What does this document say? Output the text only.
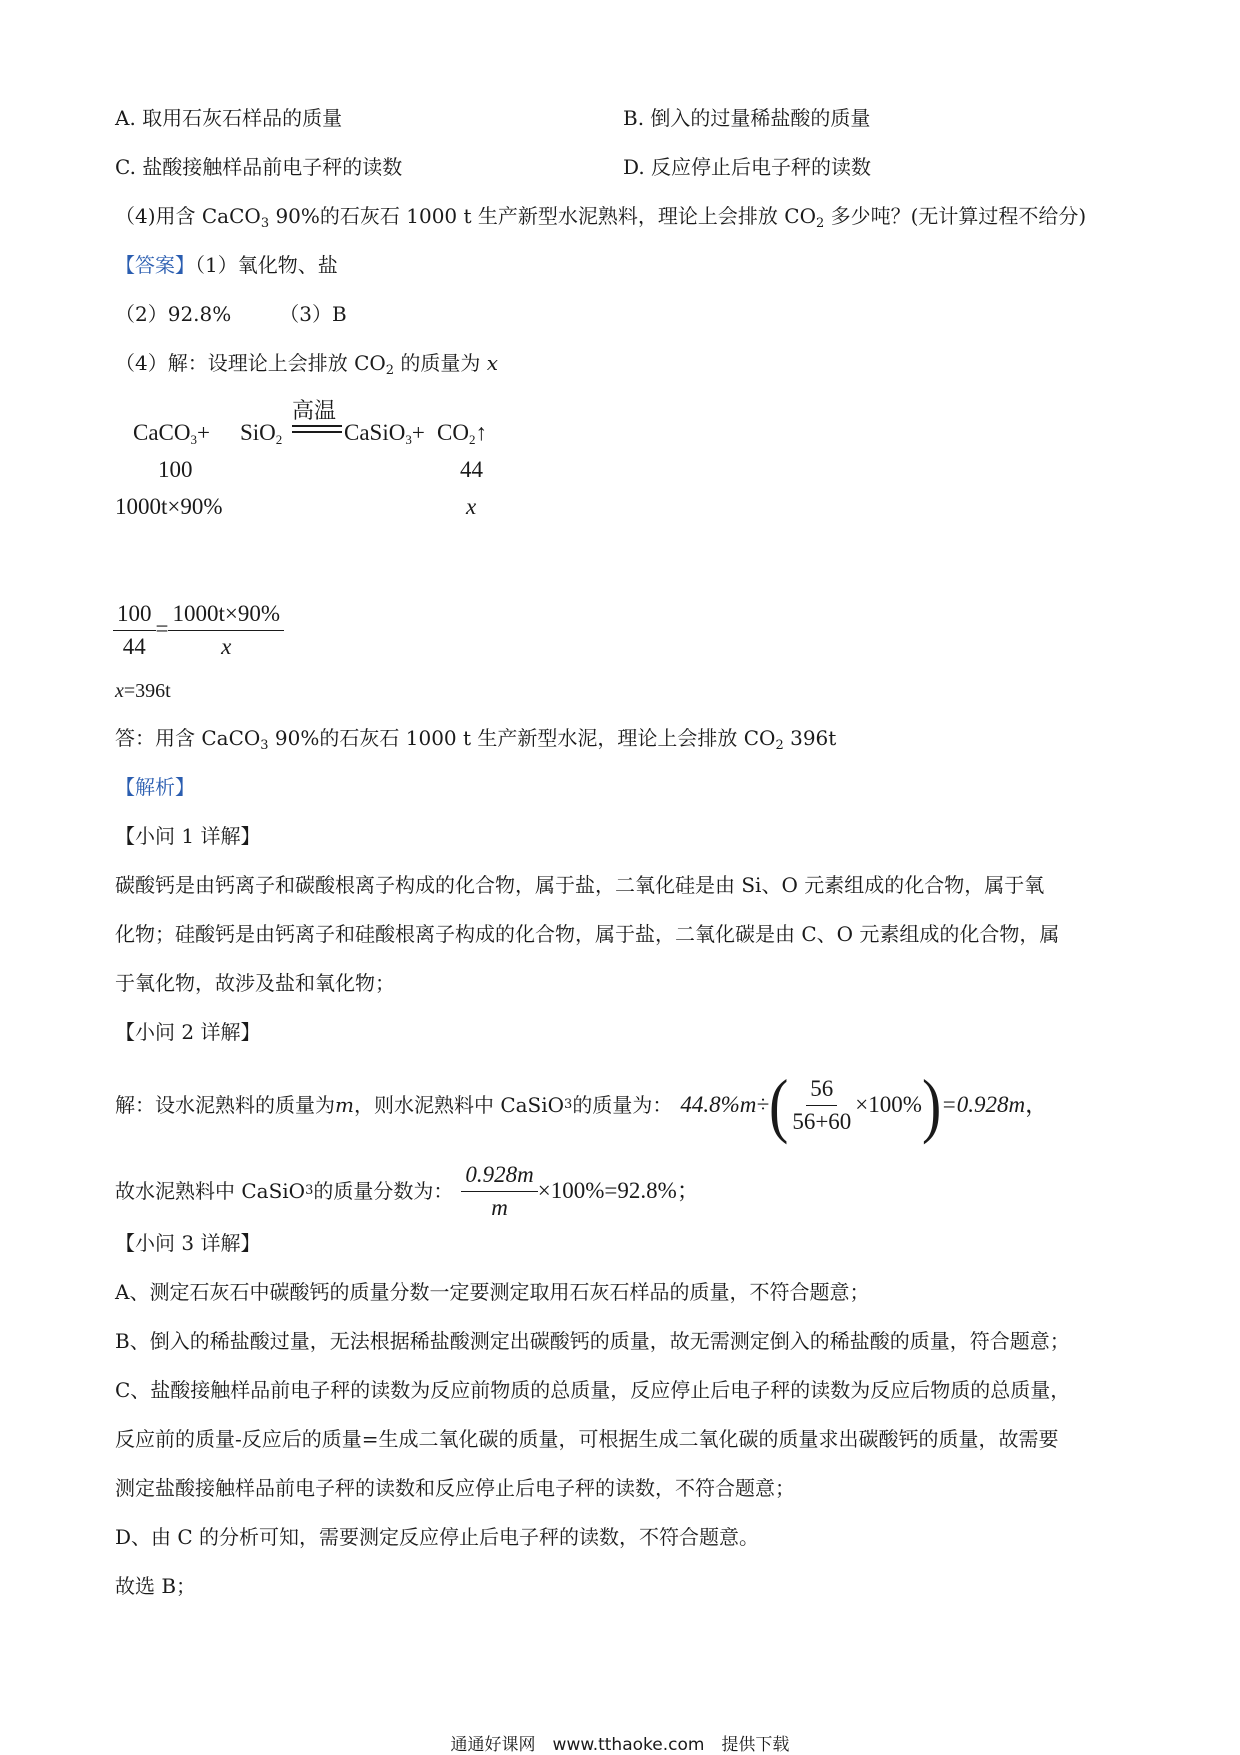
A. 取用石灰石样品的质量	B. 倒入的过量稀盐酸的质量
C. 盐酸接触样品前电子秤的读数	D. 反应停止后电子秤的读数
（4)用含 CaCO$_3$ 90%的石灰石 1000 t 生产新型水泥熟料，理论上会排放 $CO_2$ 多少吨？(无计算过程不给分)
【答案】（1）氧化物、盐
（2）92.8% （3）B
（4）解：设理论上会排放 $CO_2$ 的质量为 x
CaCO$_3$+ SiO$_2$
高温
CaSiO$_3$+ $CO_2↑$
100	44
1000t×90%	x
$\frac{100}{44} = \frac{1000t\times 90\%}{x}$
x=396t
答：用含 CaCO$_3$ 90%的石灰石 1000 t 生产新型水泥，理论上会排放 $CO_2$ 396t
【解析】
【小问 1 详解】
碳酸钙是由钙离子和碳酸根离子构成的化合物，属于盐，二氧化硅是由 Si、O 元素组成的化合物，属于氧
化物；硅酸钙是由钙离子和硅酸根离子构成的化合物，属于盐，二氧化碳是由 C、O 元素组成的化合物，属
于氧化物，故涉及盐和氧化物；
【小问 2 详解】
解：设水泥熟料的质量为 m ，则水泥熟料中 CaSiO 3 的质量为： 44.8%m÷ ( $\frac{56}{56+60} \times 100\%$ ) =0.928m ，
故水泥熟料中 CaSiO 3 的质量分数为： $\frac{0.928m}{m} \times 100\%=92.8\%$ ；
【小问 3 详解】
A、测定石灰石中碳酸钙的质量分数一定要测定取用石灰石样品的质量，不符合题意；
B、倒入的稀盐酸过量，无法根据稀盐酸测定出碳酸钙的质量，故无需测定倒入的稀盐酸的质量，符合题意；
C、盐酸接触样品前电子秤的读数为反应前物质的总质量，反应停止后电子秤的读数为反应后物质的总质量，
反应前的质量-反应后的质量=生成二氧化碳的质量，可根据生成二氧化碳的质量求出碳酸钙的质量，故需要
测定盐酸接触样品前电子秤的读数和反应停止后电子秤的读数，不符合题意；
D、由 C 的分析可知，需要测定反应停止后电子秤的读数，不符合题意。
故选 B；
通通好课网　www.tthaoke.com　提供下载
